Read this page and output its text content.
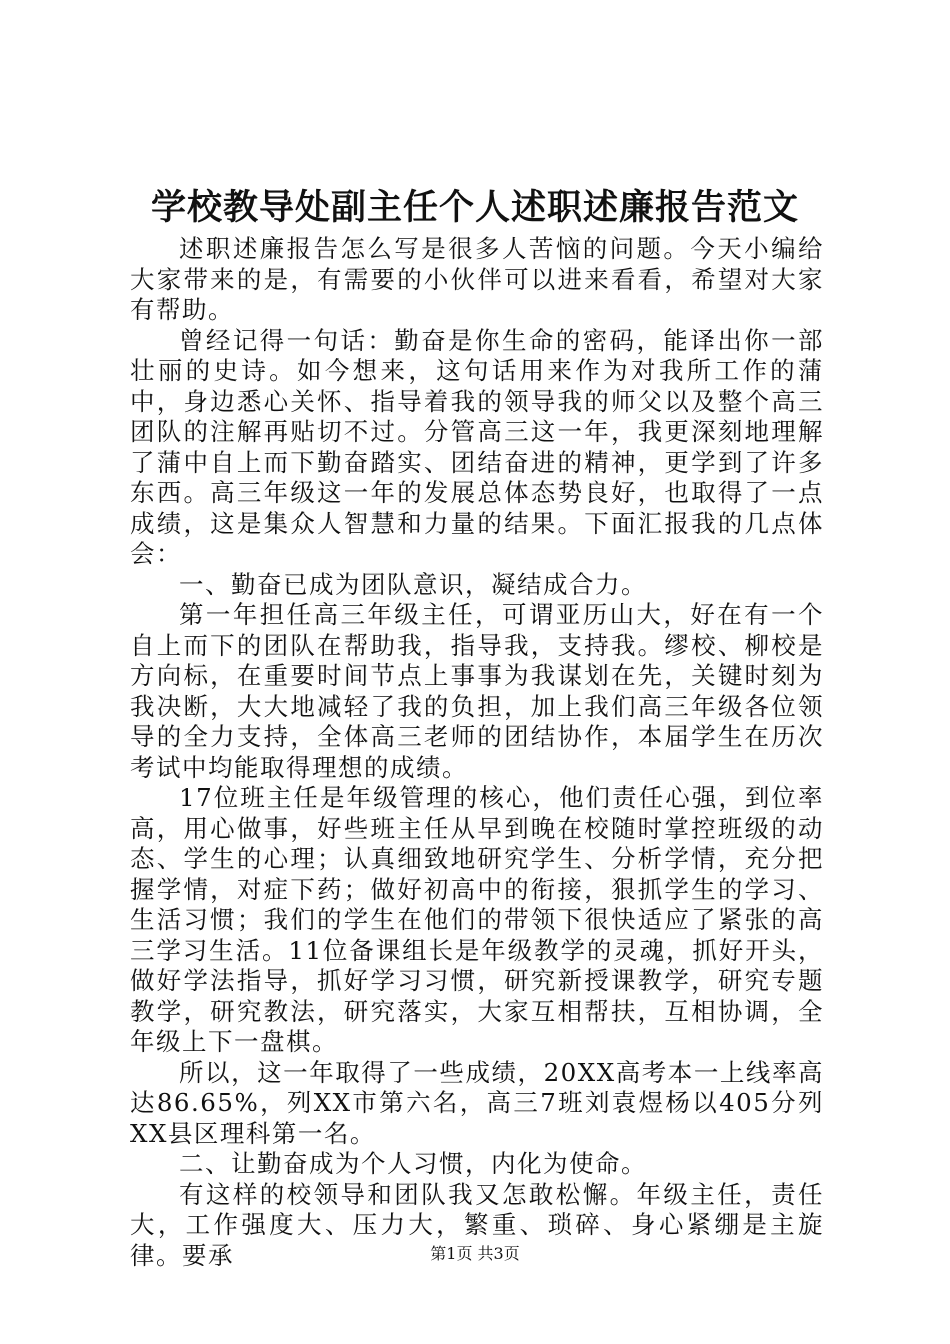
学校教导处副主任个人述职述廉报告范文

述职述廉报告怎么写是很多人苦恼的问题。今天小编给大家带来的是，有需要的小伙伴可以进来看看，希望对大家有帮助。

曾经记得一句话：勤奋是你生命的密码，能译出你一部壮丽的史诗。如今想来，这句话用来作为对我所工作的蒲中，身边悉心关怀、指导着我的领导我的师父以及整个高三团队的注解再贴切不过。分管高三这一年，我更深刻地理解了蒲中自上而下勤奋踏实、团结奋进的精神，更学到了许多东西。高三年级这一年的发展总体态势良好，也取得了一点成绩，这是集众人智慧和力量的结果。下面汇报我的几点体会：

一、勤奋已成为团队意识，凝结成合力。

第一年担任高三年级主任，可谓亚历山大，好在有一个自上而下的团队在帮助我，指导我，支持我。缪校、柳校是方向标，在重要时间节点上事事为我谋划在先，关键时刻为我决断，大大地减轻了我的负担，加上我们高三年级各位领导的全力支持，全体高三老师的团结协作，本届学生在历次考试中均能取得理想的成绩。

17位班主任是年级管理的核心，他们责任心强，到位率高，用心做事，好些班主任从早到晚在校随时掌控班级的动态、学生的心理；认真细致地研究学生、分析学情，充分把握学情，对症下药；做好初高中的衔接，狠抓学生的学习、生活习惯；我们的学生在他们的带领下很快适应了紧张的高三学习生活。11位备课组长是年级教学的灵魂，抓好开头，做好学法指导，抓好学习习惯，研究新授课教学，研究专题教学，研究教法，研究落实，大家互相帮扶，互相协调，全年级上下一盘棋。

所以，这一年取得了一些成绩，20XX高考本一上线率高达86.65%，列XX市第六名，高三7班刘袁煜杨以405分列XX县区理科第一名。

二、让勤奋成为个人习惯，内化为使命。

有这样的校领导和团队我又怎敢松懈。年级主任，责任大，工作强度大、压力大，繁重、琐碎、身心紧绷是主旋律。要承	第1页 共3页
